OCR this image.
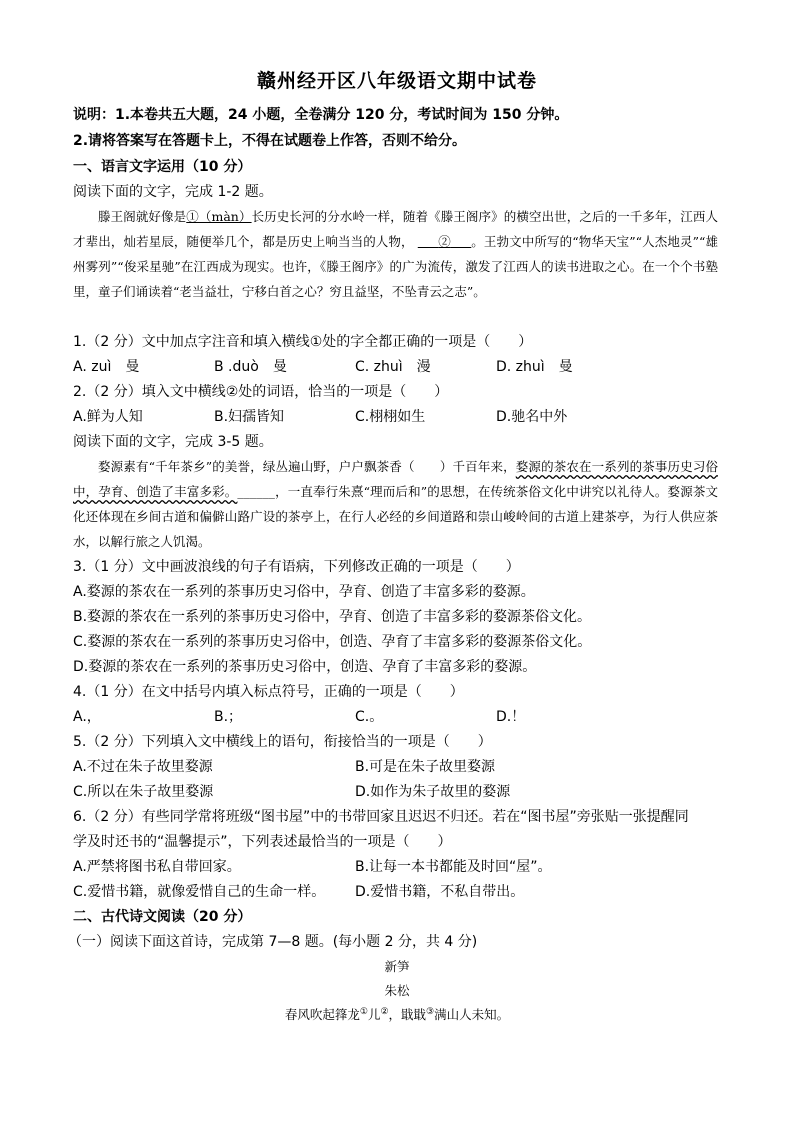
赣州经开区八年级语文期中试卷
说明：1.本卷共五大题，24 小题，全卷满分 120 分，考试时间为 150 分钟。
2.请将答案写在答题卡上，不得在试题卷上作答，否则不给分。
一、语言文字运用（10 分）
阅读下面的文字，完成 1-2 题。

滕王阁就好像是①（màn）长历史长河的分水岭一样，随着《滕王阁序》的横空出世，之后的一千多年，江西人才辈出，灿若星辰，随便举几个，都是历史上响当当的人物， ② 。王勃文中所写的“物华天宝”“人杰地灵”“雄州雾列”“俊采星驰”在江西成为现实。也许，《滕王阁序》的广为流传，激发了江西人的读书进取之心。在一个个书塾里，童子们诵读着“老当益壮，宁移白首之心？穷且益坚，不坠青云之志”。

1.（2 分）文中加点字注音和填入横线①处的字全都正确的一项是（　　）
A. zuì　曼	B .duò　曼	C. zhuì　漫	D. zhuì　曼
2.（2 分）填入文中横线②处的词语，恰当的一项是（　　）
A.鲜为人知	B.妇孺皆知	C.栩栩如生	D.驰名中外
阅读下面的文字，完成 3-5 题。

婺源素有“千年茶乡”的美誉，绿丛遍山野，户户飘茶香（　　）千百年来，婺源的茶农在一系列的茶事历史习俗中，孕育、创造了丰富多彩。______，一直奉行朱熹“理而后和”的思想，在传统茶俗文化中讲究以礼待人。婺源茶文化还体现在乡间古道和偏僻山路广设的茶亭上，在行人必经的乡间道路和崇山峻岭间的古道上建茶亭，为行人供应茶水，以解行旅之人饥渴。

3.（1 分）文中画波浪线的句子有语病，下列修改正确的一项是（　　）
A.婺源的茶农在一系列的茶事历史习俗中，孕育、创造了丰富多彩的婺源。
B.婺源的茶农在一系列的茶事历史习俗中，孕育、创造了丰富多彩的婺源茶俗文化。
C.婺源的茶农在一系列的茶事历史习俗中，创造、孕育了丰富多彩的婺源茶俗文化。
D.婺源的茶农在一系列的茶事历史习俗中，创造、孕育了丰富多彩的婺源。
4.（1 分）在文中括号内填入标点符号，正确的一项是（　　）
A.，	B.；	C.。	D.！
5.（2 分）下列填入文中横线上的语句，衔接恰当的一项是（　　）
A.不过在朱子故里婺源	B.可是在朱子故里婺源
C.所以在朱子故里婺源	D.如作为朱子故里的婺源
6.（2 分）有些同学常将班级“图书屋”中的书带回家且迟迟不归还。若在“图书屋”旁张贴一张提醒同
学及时还书的“温馨提示”，下列表述最恰当的一项是（　　）
A.严禁将图书私自带回家。	B.让每一本书都能及时回“屋”。
C.爱惜书籍，就像爱惜自己的生命一样。	D.爱惜书籍，不私自带出。
二、古代诗文阅读（20 分）
（一）阅读下面这首诗，完成第 7—8 题。(每小题 2 分，共 4 分)
新笋
朱松
春风吹起箨龙①儿②，戢戢③满山人未知。
